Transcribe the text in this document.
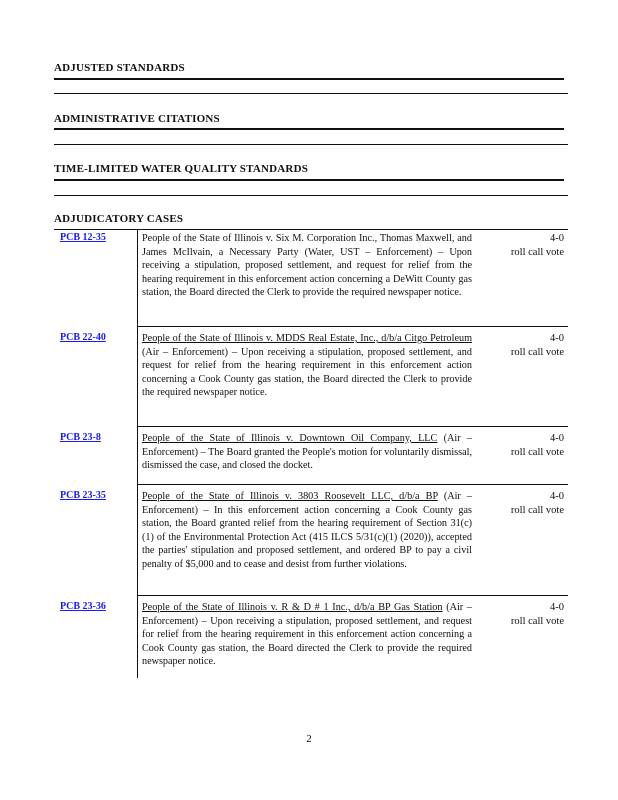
ADJUSTED STANDARDS
ADMINISTRATIVE CITATIONS
TIME-LIMITED WATER QUALITY STANDARDS
ADJUDICATORY CASES
PCB 12-35	People of the State of Illinois v. Six M. Corporation Inc., Thomas Maxwell, and James McIlvain, a Necessary Party (Water, UST – Enforcement) – Upon receiving a stipulation, proposed settlement, and request for relief from the hearing requirement in this enforcement action concerning a DeWitt County gas station, the Board directed the Clerk to provide the required newspaper notice.
4-0
roll call vote
PCB 22-40	People of the State of Illinois v. MDDS Real Estate, Inc., d/b/a Citgo Petroleum (Air – Enforcement) – Upon receiving a stipulation, proposed settlement, and request for relief from the hearing requirement in this enforcement action concerning a Cook County gas station, the Board directed the Clerk to provide the required newspaper notice.
4-0
roll call vote
PCB 23-8	People of the State of Illinois v. Downtown Oil Company, LLC (Air – Enforcement) – The Board granted the People's motion for voluntarily dismissal, dismissed the case, and closed the docket.
4-0
roll call vote
PCB 23-35	People of the State of Illinois v. 3803 Roosevelt LLC, d/b/a BP (Air – Enforcement) – In this enforcement action concerning a Cook County gas station, the Board granted relief from the hearing requirement of Section 31(c)(1) of the Environmental Protection Act (415 ILCS 5/31(c)(1) (2020)), accepted the parties' stipulation and proposed settlement, and ordered BP to pay a civil penalty of $5,000 and to cease and desist from further violations.
4-0
roll call vote
PCB 23-36	People of the State of Illinois v. R & D # 1 Inc., d/b/a BP Gas Station (Air – Enforcement) – Upon receiving a stipulation, proposed settlement, and request for relief from the hearing requirement in this enforcement action concerning a Cook County gas station, the Board directed the Clerk to provide the required newspaper notice.
4-0
roll call vote
2
